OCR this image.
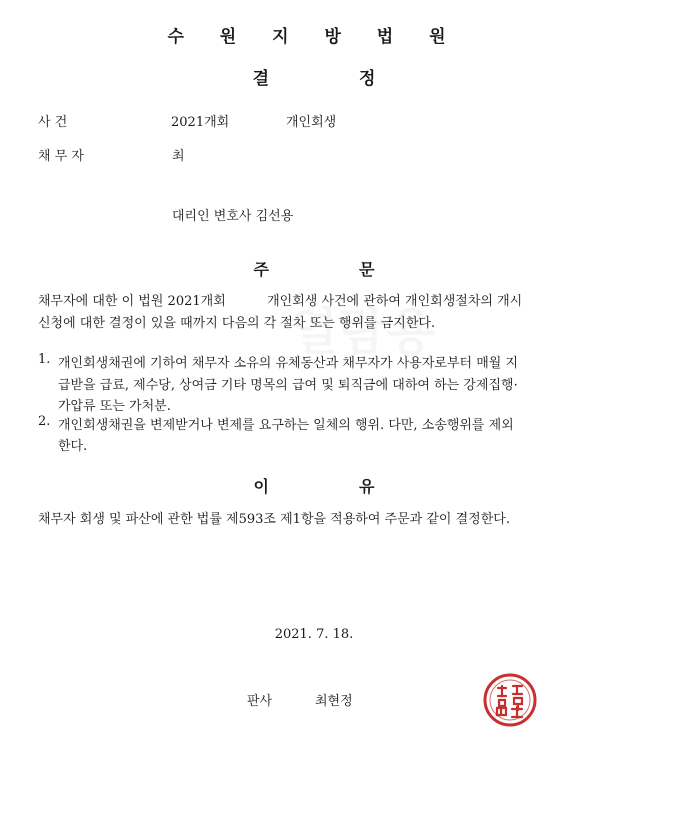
수 원 지 방 법 원
결	정
사 건	2021개회	개인회생
채 무 자	최
대리인 변호사 김선용
주	문
채무자에 대한 이 법원 2021개회          개인회생 사건에 관하여 개인회생절차의 개시
신청에 대한 결정이 있을 때까지 다음의 각 절차 또는 행위를 금지한다.
1. 개인회생채권에 기하여 채무자 소유의 유체동산과 채무자가 사용자로부터 매월 지
급받을 급료, 제수당, 상여금 기타 명목의 급여 및 퇴직금에 대하여 하는 강제집행·
가압류 또는 가처분.
2. 개인회생채권을 변제받거나 변제를 요구하는 일체의 행위. 다만, 소송행위를 제외
한다.
이	유
채무자 회생 및 파산에 관한 법률 제593조 제1항을 적용하여 주문과 같이 결정한다.
2021. 7. 18.
판사	최현정
